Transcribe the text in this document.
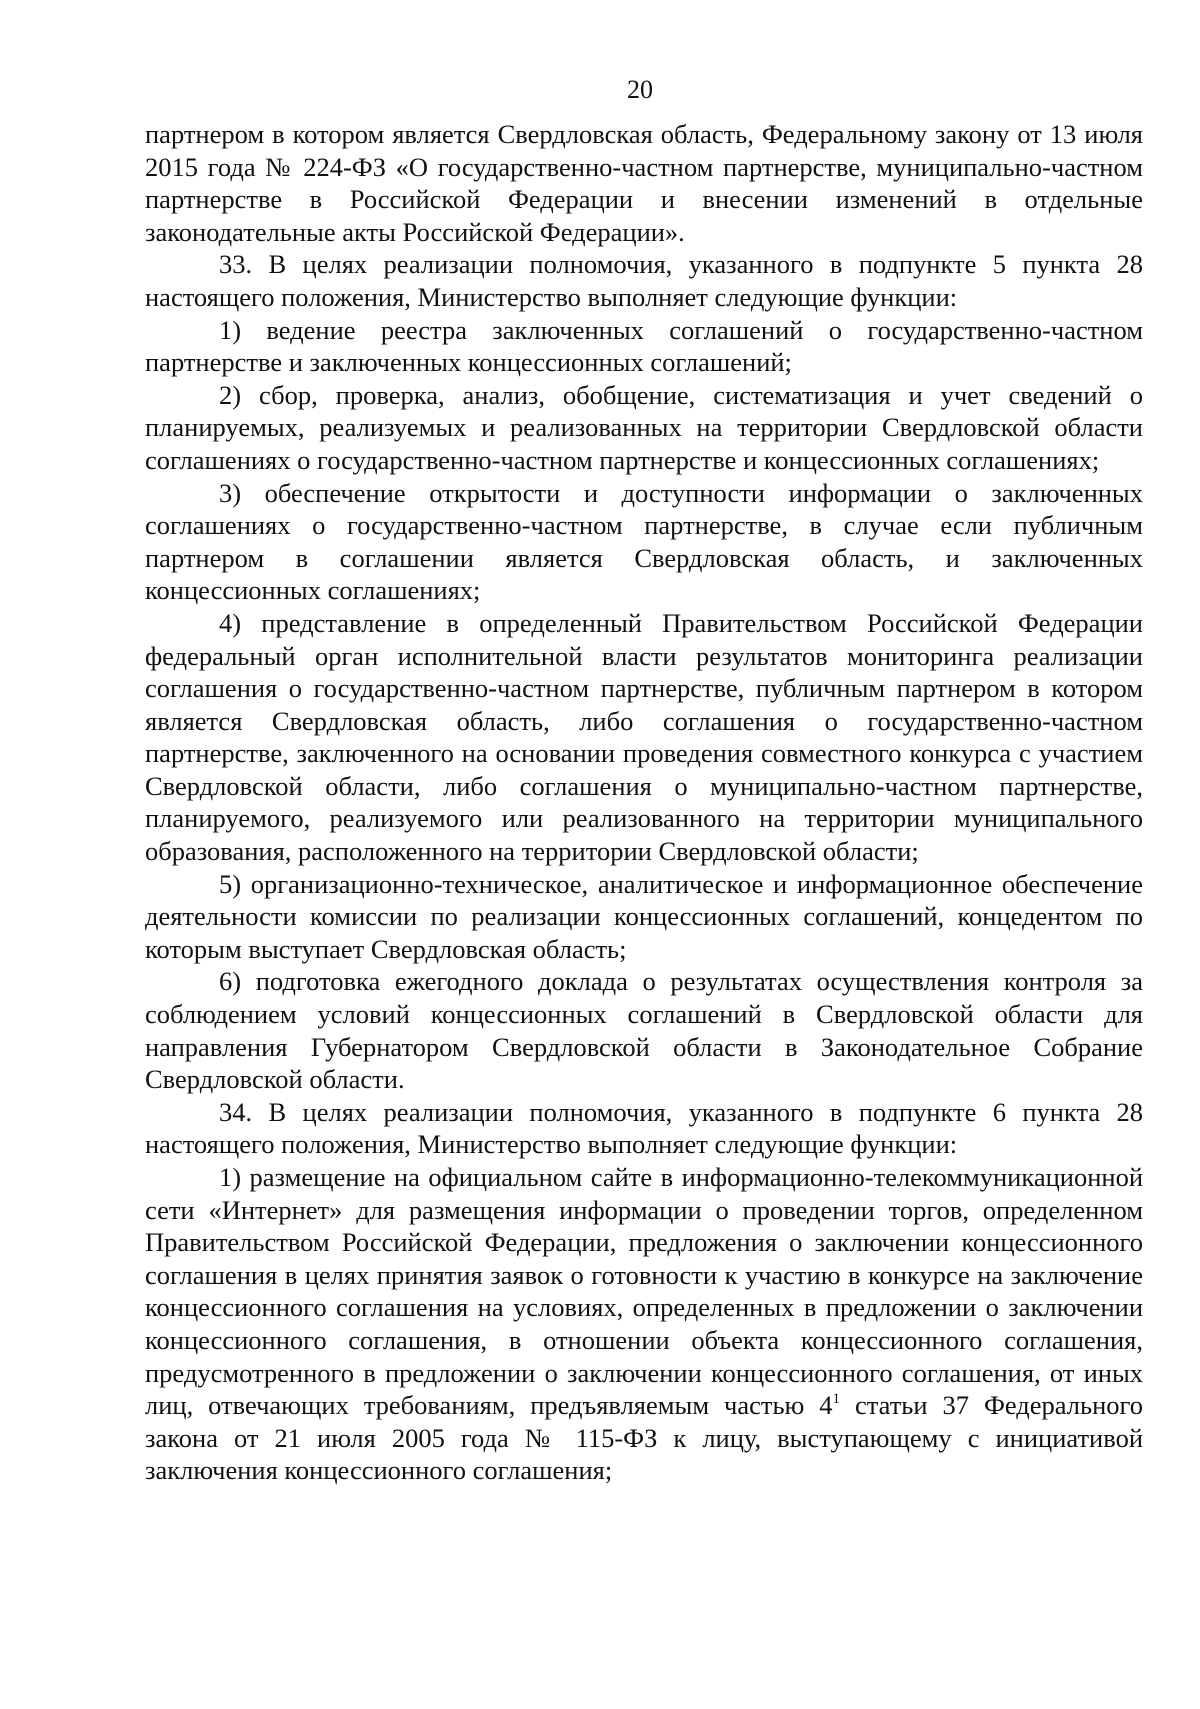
20

партнером в котором является Свердловская область, Федеральному закону от 13 июля 2015 года № 224-ФЗ «О государственно-частном партнерстве, муниципально-частном партнерстве в Российской Федерации и внесении изменений в отдельные законодательные акты Российской Федерации».

33. В целях реализации полномочия, указанного в подпункте 5 пункта 28 настоящего положения, Министерство выполняет следующие функции:

1) ведение реестра заключенных соглашений о государственно-частном партнерстве и заключенных концессионных соглашений;

2) сбор, проверка, анализ, обобщение, систематизация и учет сведений о планируемых, реализуемых и реализованных на территории Свердловской области соглашениях о государственно-частном партнерстве и концессионных соглашениях;

3) обеспечение открытости и доступности информации о заключенных соглашениях о государственно-частном партнерстве, в случае если публичным партнером в соглашении является Свердловская область, и заключенных концессионных соглашениях;

4) представление в определенный Правительством Российской Федерации федеральный орган исполнительной власти результатов мониторинга реализации соглашения о государственно-частном партнерстве, публичным партнером в котором является Свердловская область, либо соглашения о государственно-частном партнерстве, заключенного на основании проведения совместного конкурса с участием Свердловской области, либо соглашения о муниципально-частном партнерстве, планируемого, реализуемого или реализованного на территории муниципального образования, расположенного на территории Свердловской области;

5) организационно-техническое, аналитическое и информационное обеспечение деятельности комиссии по реализации концессионных соглашений, концедентом по которым выступает Свердловская область;

6) подготовка ежегодного доклада о результатах осуществления контроля за соблюдением условий концессионных соглашений в Свердловской области для направления Губернатором Свердловской области в Законодательное Собрание Свердловской области.

34. В целях реализации полномочия, указанного в подпункте 6 пункта 28 настоящего положения, Министерство выполняет следующие функции:

1) размещение на официальном сайте в информационно-телекоммуникационной сети «Интернет» для размещения информации о проведении торгов, определенном Правительством Российской Федерации, предложения о заключении концессионного соглашения в целях принятия заявок о готовности к участию в конкурсе на заключение концессионного соглашения на условиях, определенных в предложении о заключении концессионного соглашения, в отношении объекта концессионного соглашения, предусмотренного в предложении о заключении концессионного соглашения, от иных лиц, отвечающих требованиям, предъявляемым частью $4^1$ статьи 37 Федерального закона от 21 июля 2005 года № 115-ФЗ к лицу, выступающему с инициативой заключения концессионного соглашения;
